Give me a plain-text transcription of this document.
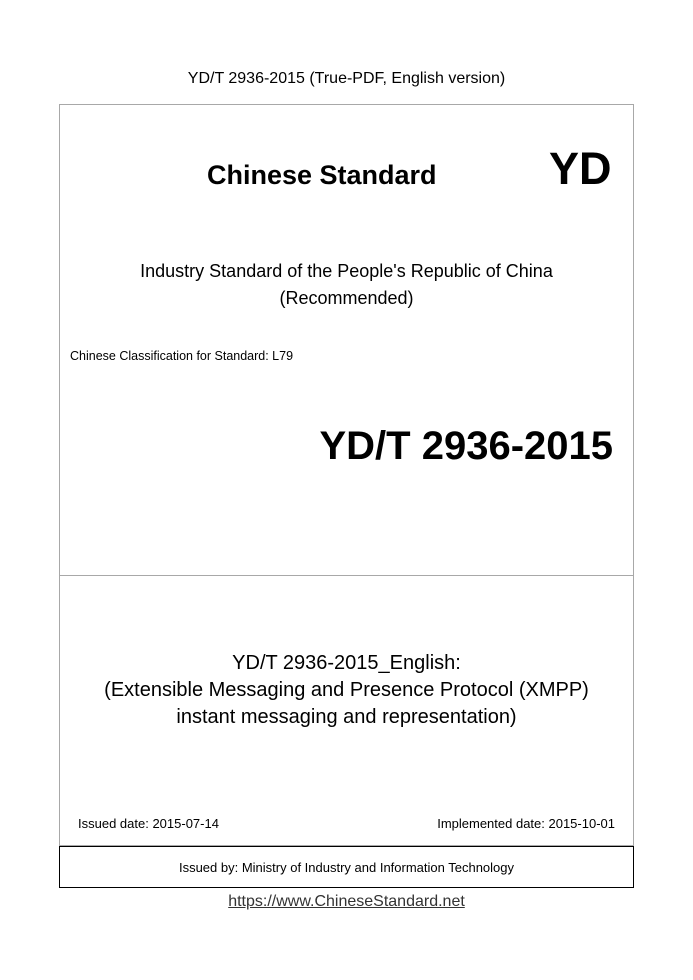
YD/T 2936-2015 (True-PDF, English version)
Chinese Standard YD
Industry Standard of the People's Republic of China
(Recommended)
Chinese Classification for Standard: L79
YD/T 2936-2015
YD/T 2936-2015_English:
(Extensible Messaging and Presence Protocol (XMPP)
instant messaging and representation)
Issued date: 2015-07-14	Implemented date: 2015-10-01
Issued by: Ministry of Industry and Information Technology
https://www.ChineseStandard.net
